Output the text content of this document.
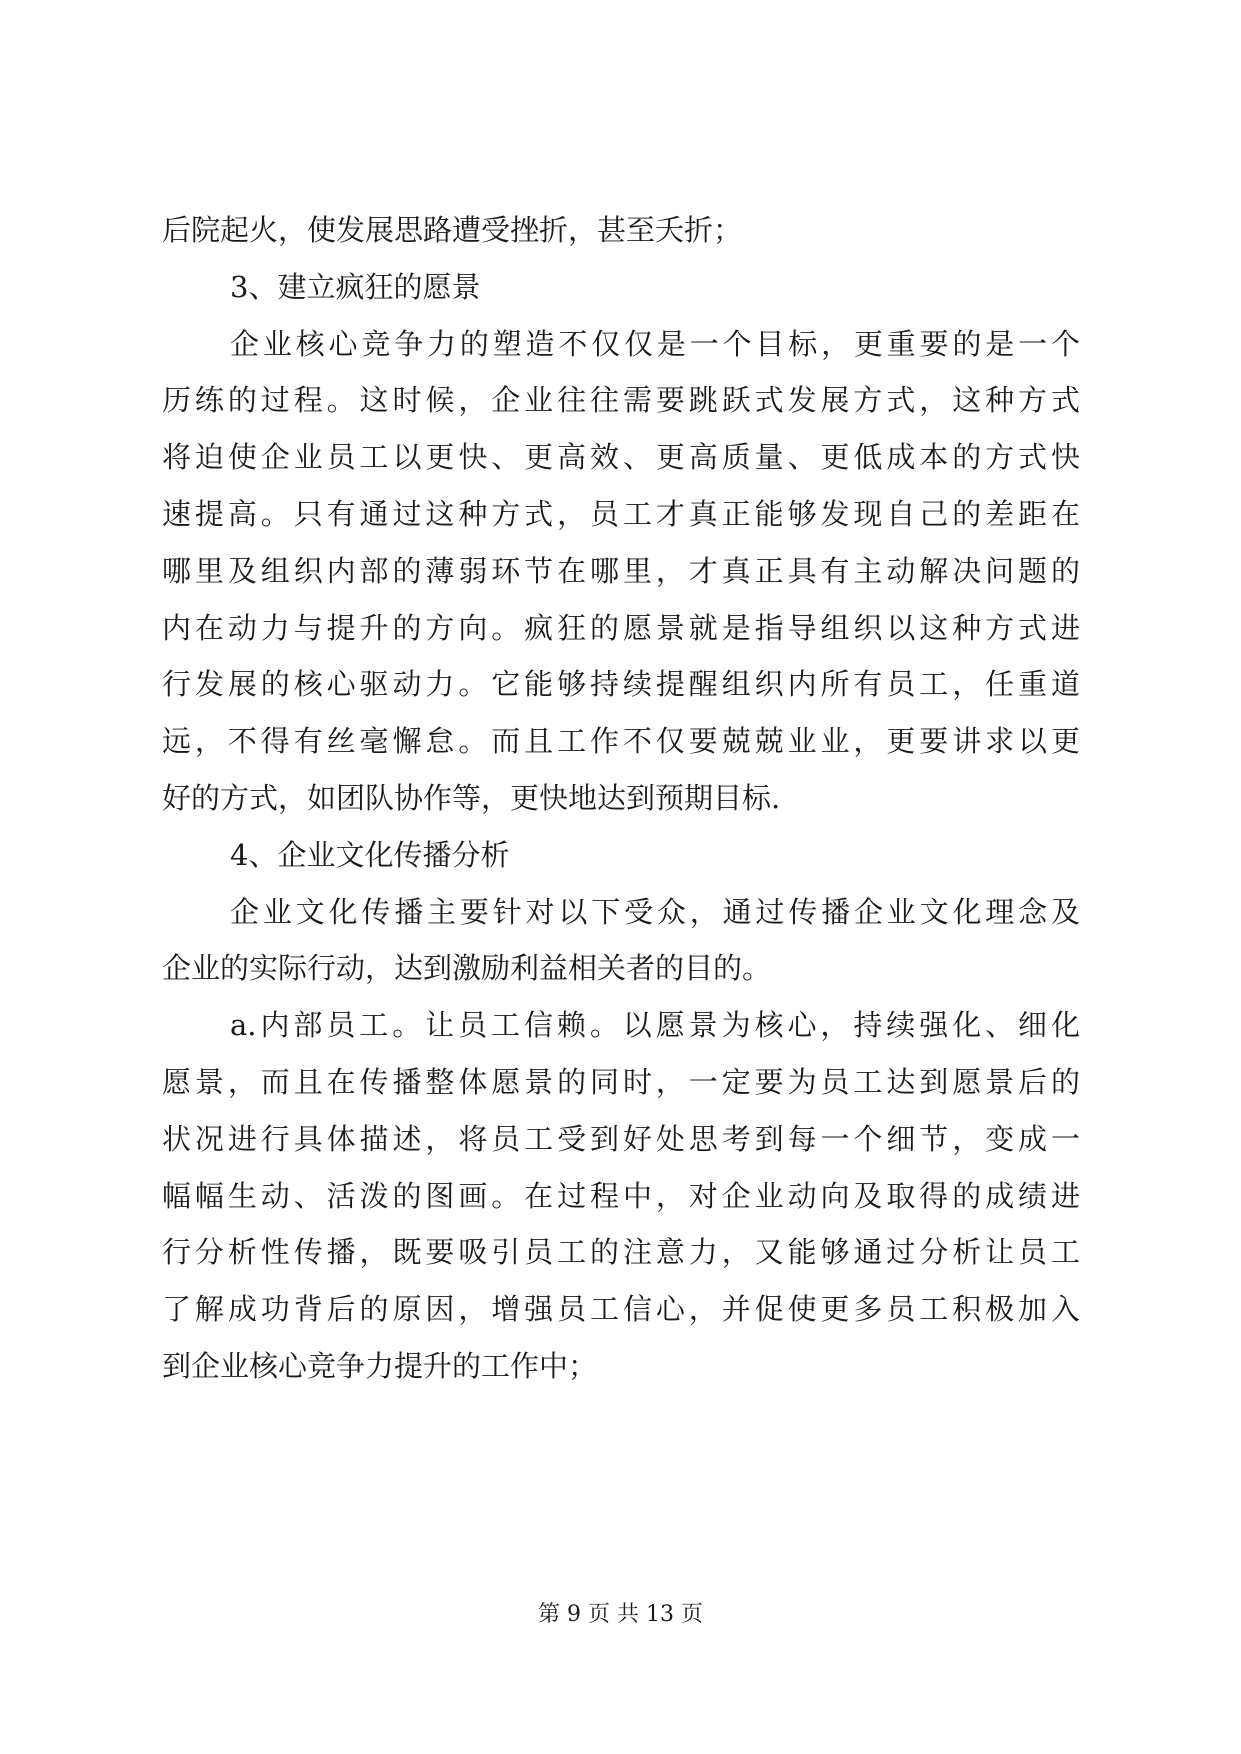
后院起火，使发展思路遭受挫折，甚至夭折；
3、建立疯狂的愿景
企业核心竞争力的塑造不仅仅是一个目标，更重要的是一个
历练的过程。这时候，企业往往需要跳跃式发展方式，这种方式
将迫使企业员工以更快、更高效、更高质量、更低成本的方式快
速提高。只有通过这种方式，员工才真正能够发现自己的差距在
哪里及组织内部的薄弱环节在哪里，才真正具有主动解决问题的
内在动力与提升的方向。疯狂的愿景就是指导组织以这种方式进
行发展的核心驱动力。它能够持续提醒组织内所有员工，任重道
远，不得有丝毫懈怠。而且工作不仅要兢兢业业，更要讲求以更
好的方式，如团队协作等，更快地达到预期目标.
4、企业文化传播分析
企业文化传播主要针对以下受众，通过传播企业文化理念及
企业的实际行动，达到激励利益相关者的目的。
a.内部员工。让员工信赖。以愿景为核心，持续强化、细化
愿景，而且在传播整体愿景的同时，一定要为员工达到愿景后的
状况进行具体描述，将员工受到好处思考到每一个细节，变成一
幅幅生动、活泼的图画。在过程中，对企业动向及取得的成绩进
行分析性传播，既要吸引员工的注意力，又能够通过分析让员工
了解成功背后的原因，增强员工信心，并促使更多员工积极加入
到企业核心竞争力提升的工作中；
第 9 页 共 13 页
